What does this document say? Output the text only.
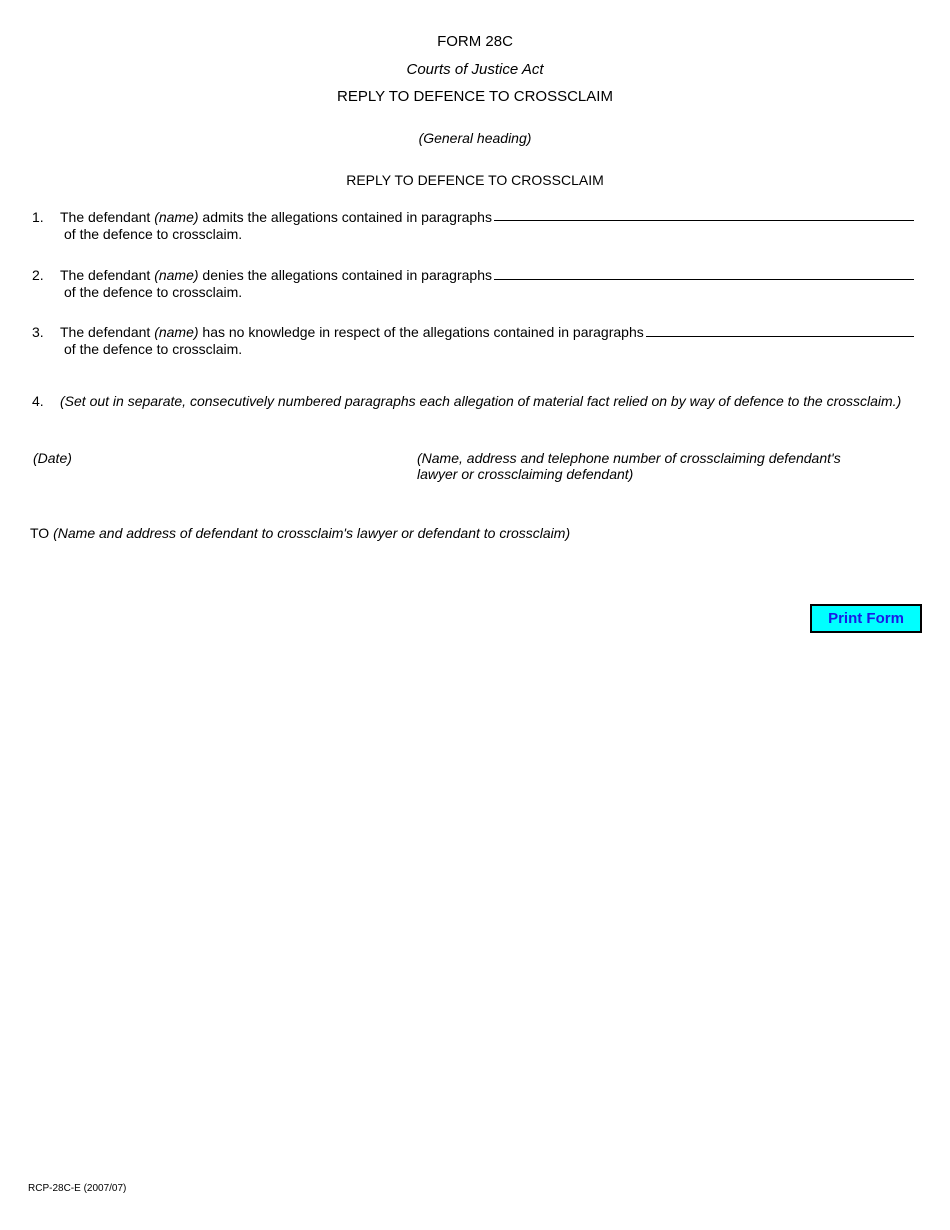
FORM 28C
Courts of Justice Act
REPLY TO DEFENCE TO CROSSCLAIM
(General heading)
REPLY TO DEFENCE TO CROSSCLAIM
1. The defendant (name) admits the allegations contained in paragraphs
of the defence to crossclaim.
2. The defendant (name) denies the allegations contained in paragraphs
of the defence to crossclaim.
3. The defendant (name) has no knowledge in respect of the allegations contained in paragraphs
of the defence to crossclaim.
4. (Set out in separate, consecutively numbered paragraphs each allegation of material fact relied on by way of defence to the crossclaim.)
(Date)	(Name, address and telephone number of crossclaiming defendant's
lawyer or crossclaiming defendant)
TO (Name and address of defendant to crossclaim's lawyer or defendant to crossclaim)
Print Form
RCP-28C-E (2007/07)
